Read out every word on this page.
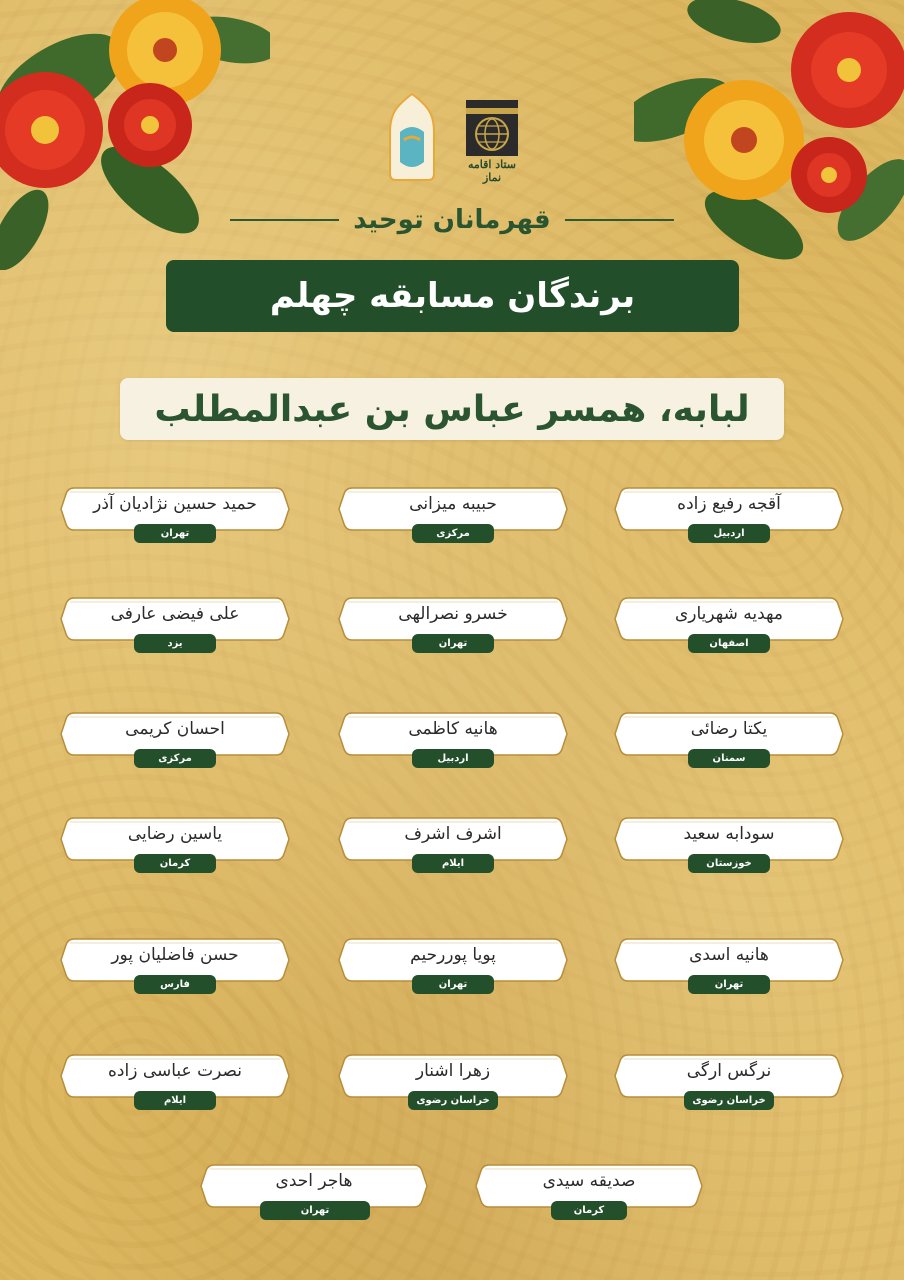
ستاد اقامه نماز
قهرمانان توحید
برندگان مسابقه چهلم
لبابه، همسر عباس بن عبدالمطلب
آقجه رفیع زاده
اردبیل
حبیبه میزانی
مرکزی
حمید حسین نژادیان آذر
تهران
مهدیه شهریاری
اصفهان
خسرو نصرالهی
تهران
علی فیضی عارفی
یزد
یکتا رضائی
سمنان
هانیه کاظمی
اردبیل
احسان کریمی
مرکزی
سودابه سعید
خوزستان
اشرف اشرف
ایلام
یاسین رضایی
کرمان
هانیه اسدی
تهران
پویا پوررحیم
تهران
حسن فاضلیان پور
فارس
نرگس ارگی
خراسان رضوی
زهرا اشنار
خراسان رضوی
نصرت عباسی زاده
ایلام
صدیقه سیدی
کرمان
هاجر احدی
تهران
